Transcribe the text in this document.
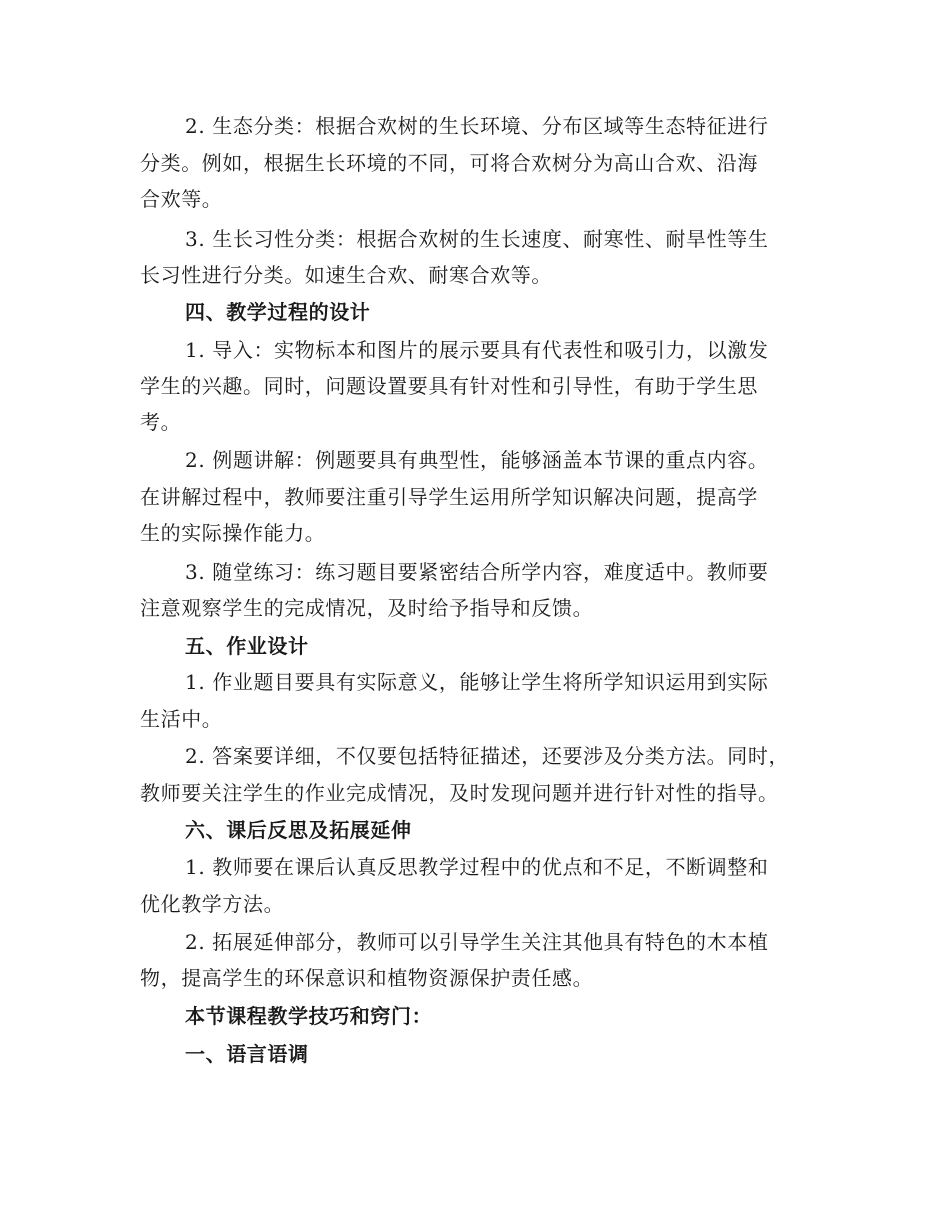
2. 生态分类：根据合欢树的生长环境、分布区域等生态特征进行
分类。例如，根据生长环境的不同，可将合欢树分为高山合欢、沿海
合欢等。
3. 生长习性分类：根据合欢树的生长速度、耐寒性、耐旱性等生
长习性进行分类。如速生合欢、耐寒合欢等。
四、教学过程的设计
1. 导入：实物标本和图片的展示要具有代表性和吸引力，以激发
学生的兴趣。同时，问题设置要具有针对性和引导性，有助于学生思
考。
2. 例题讲解：例题要具有典型性，能够涵盖本节课的重点内容。
在讲解过程中，教师要注重引导学生运用所学知识解决问题，提高学
生的实际操作能力。
3. 随堂练习：练习题目要紧密结合所学内容，难度适中。教师要
注意观察学生的完成情况，及时给予指导和反馈。
五、作业设计
1. 作业题目要具有实际意义，能够让学生将所学知识运用到实际
生活中。
2. 答案要详细，不仅要包括特征描述，还要涉及分类方法。同时，
教师要关注学生的作业完成情况，及时发现问题并进行针对性的指导。
六、课后反思及拓展延伸
1. 教师要在课后认真反思教学过程中的优点和不足，不断调整和
优化教学方法。
2. 拓展延伸部分，教师可以引导学生关注其他具有特色的木本植
物，提高学生的环保意识和植物资源保护责任感。
本节课程教学技巧和窍门：
一、语言语调
